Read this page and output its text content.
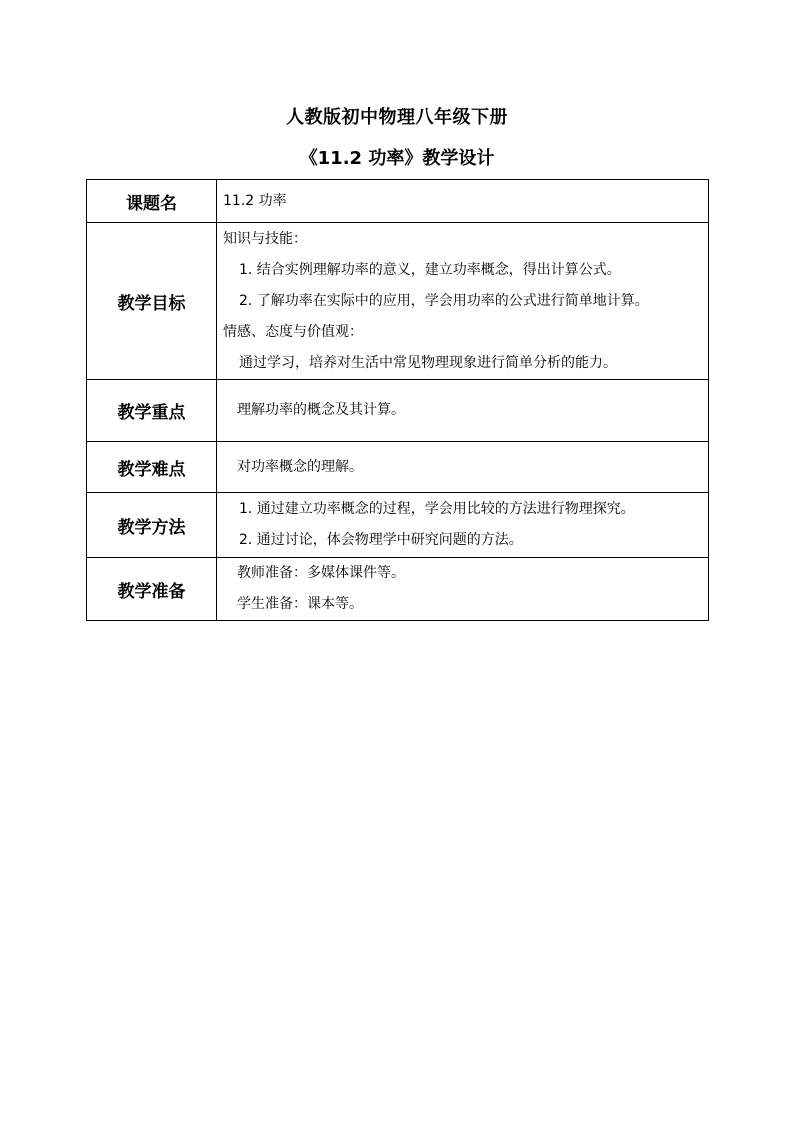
人教版初中物理八年级下册
《11.2 功率》教学设计
课题名	11.2 功率

教学目标	知识与技能：
1. 结合实例理解功率的意义，建立功率概念，得出计算公式。
2. 了解功率在实际中的应用，学会用功率的公式进行简单地计算。
情感、态度与价值观：
通过学习，培养对生活中常见物理现象进行简单分析的能力。

教学重点	理解功率的概念及其计算。

教学难点	对功率概念的理解。

教学方法	1. 通过建立功率概念的过程，学会用比较的方法进行物理探究。
2. 通过讨论，体会物理学中研究问题的方法。

教学准备	教师准备：多媒体课件等。
学生准备：课本等。
